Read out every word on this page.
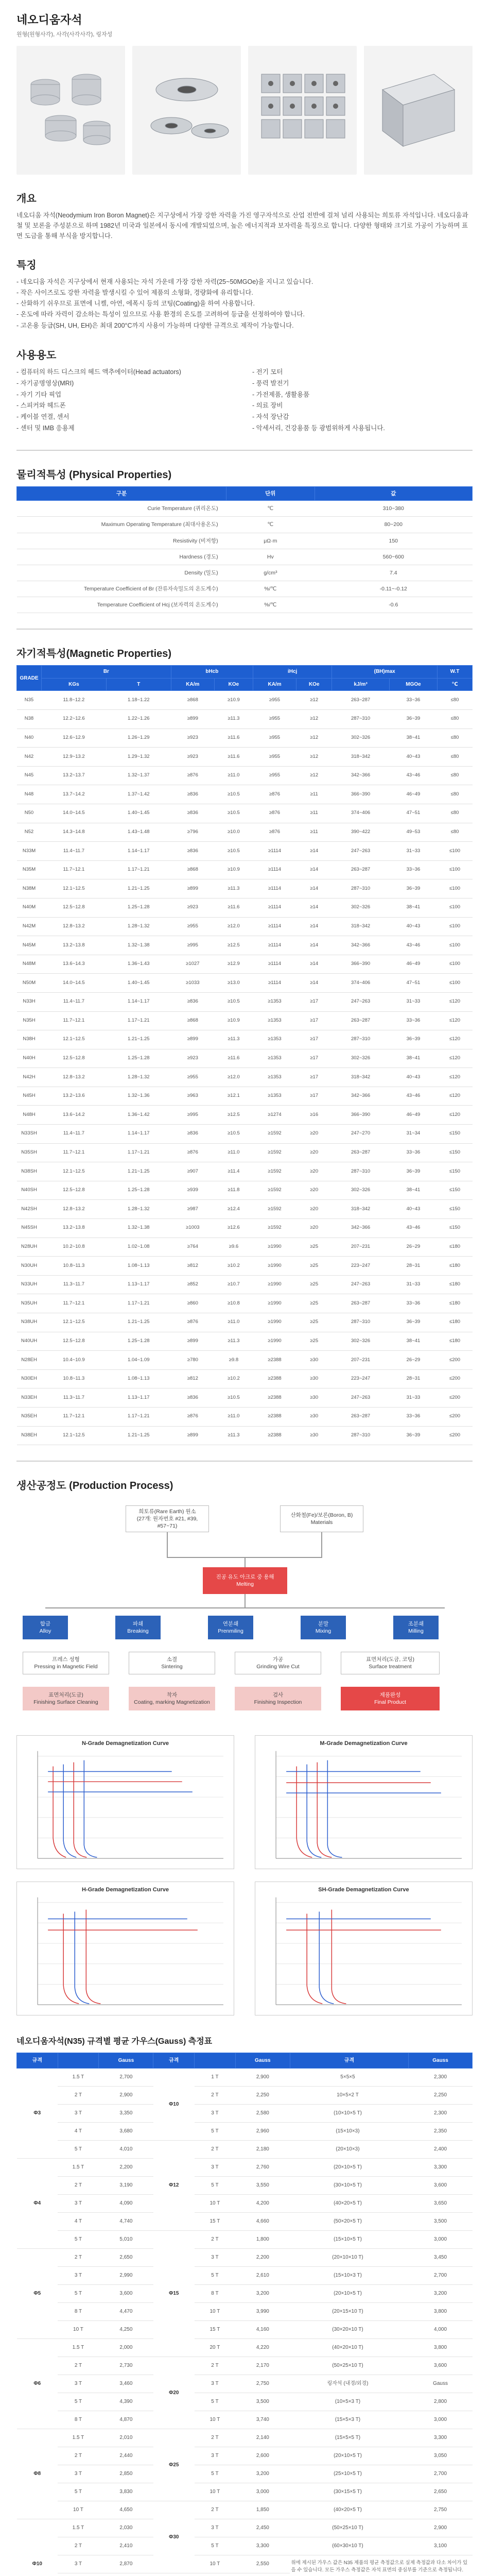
네오디움자석
원형(원형사각), 사각(사각사각), 링자성
개요

네오디움 자석(Neodymium Iron Boron Magnet)은 지구상에서 가장 강한 자력을 가진 영구자석으로 산업 전반에 걸쳐 널리 사용되는 희토류 자석입니다. 네오디움과 철 및 보론을 주성분으로 하며 1982년 미국과 일본에서 동시에 개발되었으며, 높은 에너지적과 보자력을 특징으로 합니다. 다양한 형태와 크기로 가공이 가능하며 표면 도금을 통해 부식을 방지합니다.

특징
- 네오디움 자석은 지구상에서 현재 사용되는 자석 가운데 가장 강한 자력(25~50MGOe)을 지니고 있습니다.
- 작은 사이즈로도 강한 자력을 발생시킬 수 있어 제품의 소형화, 경량화에 유리합니다.
- 산화하기 쉬우므로 표면에 니켈, 아연, 에폭시 등의 코팅(Coating)을 하여 사용합니다.
- 온도에 따라 자력이 감소하는 특성이 있으므로 사용 환경의 온도를 고려하여 등급을 선정하여야 합니다.
- 고온용 등급(SH, UH, EH)은 최대 200°C까지 사용이 가능하며 다양한 규격으로 제작이 가능합니다.
사용용도
- 컴퓨터의 하드 디스크의 헤드 액추에이터(Head actuators)	- 전기 모터
- 자기공명영상(MRI)	- 풍력 발전기
- 자기 기타 픽업	- 가전제품, 생활용품
- 스피커와 헤드폰	- 의료 장비
- 케이블 연결, 센서	- 자석 장난감
- 센터 및 IMB 응용제	- 악세서리, 건강용품 등 광범위하게 사용됩니다.
물리적특성 (Physical Properties)
구분	단위	값
Curie Temperature (퀴리온도)	℃	310~380
Maximum Operating Temperature (최대사용온도)	℃	80~200
Resistivity (비저항)	μΩ·m	150
Hardness (경도)	Hv	560~600
Density (밀도)	g/cm³	7.4
Temperature Coefficient of Br (잔류자속밀도의 온도계수)	%/℃	-0.11~-0.12
Temperature Coefficient of Hcj (보자력의 온도계수)	%/℃	-0.6
자기적특성(Magnetic Properties)
GRADE	Br		bHcb		iHcj		(BH)max		W.T
	KGs	T	KA/m	KOe	KA/m	KOe	kJ/m³	MGOe	℃
N35	11.8~12.2	1.18~1.22	≥868	≥10.9	≥955	≥12	263~287	33~36	≤80
N38	12.2~12.6	1.22~1.26	≥899	≥11.3	≥955	≥12	287~310	36~39	≤80
N40	12.6~12.9	1.26~1.29	≥923	≥11.6	≥955	≥12	302~326	38~41	≤80
N42	12.9~13.2	1.29~1.32	≥923	≥11.6	≥955	≥12	318~342	40~43	≤80
N45	13.2~13.7	1.32~1.37	≥876	≥11.0	≥955	≥12	342~366	43~46	≤80
N48	13.7~14.2	1.37~1.42	≥836	≥10.5	≥876	≥11	366~390	46~49	≤80
N50	14.0~14.5	1.40~1.45	≥836	≥10.5	≥876	≥11	374~406	47~51	≤80
N52	14.3~14.8	1.43~1.48	≥796	≥10.0	≥876	≥11	390~422	49~53	≤80
N33M	11.4~11.7	1.14~1.17	≥836	≥10.5	≥1114	≥14	247~263	31~33	≤100
N35M	11.7~12.1	1.17~1.21	≥868	≥10.9	≥1114	≥14	263~287	33~36	≤100
N38M	12.1~12.5	1.21~1.25	≥899	≥11.3	≥1114	≥14	287~310	36~39	≤100
N40M	12.5~12.8	1.25~1.28	≥923	≥11.6	≥1114	≥14	302~326	38~41	≤100
N42M	12.8~13.2	1.28~1.32	≥955	≥12.0	≥1114	≥14	318~342	40~43	≤100
N45M	13.2~13.8	1.32~1.38	≥995	≥12.5	≥1114	≥14	342~366	43~46	≤100
N48M	13.6~14.3	1.36~1.43	≥1027	≥12.9	≥1114	≥14	366~390	46~49	≤100
N50M	14.0~14.5	1.40~1.45	≥1033	≥13.0	≥1114	≥14	374~406	47~51	≤100
N33H	11.4~11.7	1.14~1.17	≥836	≥10.5	≥1353	≥17	247~263	31~33	≤120
N35H	11.7~12.1	1.17~1.21	≥868	≥10.9	≥1353	≥17	263~287	33~36	≤120
N38H	12.1~12.5	1.21~1.25	≥899	≥11.3	≥1353	≥17	287~310	36~39	≤120
N40H	12.5~12.8	1.25~1.28	≥923	≥11.6	≥1353	≥17	302~326	38~41	≤120
N42H	12.8~13.2	1.28~1.32	≥955	≥12.0	≥1353	≥17	318~342	40~43	≤120
N45H	13.2~13.6	1.32~1.36	≥963	≥12.1	≥1353	≥17	342~366	43~46	≤120
N48H	13.6~14.2	1.36~1.42	≥995	≥12.5	≥1274	≥16	366~390	46~49	≤120
N33SH	11.4~11.7	1.14~1.17	≥836	≥10.5	≥1592	≥20	247~270	31~34	≤150
N35SH	11.7~12.1	1.17~1.21	≥876	≥11.0	≥1592	≥20	263~287	33~36	≤150
N38SH	12.1~12.5	1.21~1.25	≥907	≥11.4	≥1592	≥20	287~310	36~39	≤150
N40SH	12.5~12.8	1.25~1.28	≥939	≥11.8	≥1592	≥20	302~326	38~41	≤150
N42SH	12.8~13.2	1.28~1.32	≥987	≥12.4	≥1592	≥20	318~342	40~43	≤150
N45SH	13.2~13.8	1.32~1.38	≥1003	≥12.6	≥1592	≥20	342~366	43~46	≤150
N28UH	10.2~10.8	1.02~1.08	≥764	≥9.6	≥1990	≥25	207~231	26~29	≤180
N30UH	10.8~11.3	1.08~1.13	≥812	≥10.2	≥1990	≥25	223~247	28~31	≤180
N33UH	11.3~11.7	1.13~1.17	≥852	≥10.7	≥1990	≥25	247~263	31~33	≤180
N35UH	11.7~12.1	1.17~1.21	≥860	≥10.8	≥1990	≥25	263~287	33~36	≤180
N38UH	12.1~12.5	1.21~1.25	≥876	≥11.0	≥1990	≥25	287~310	36~39	≤180
N40UH	12.5~12.8	1.25~1.28	≥899	≥11.3	≥1990	≥25	302~326	38~41	≤180
N28EH	10.4~10.9	1.04~1.09	≥780	≥9.8	≥2388	≥30	207~231	26~29	≤200
N30EH	10.8~11.3	1.08~1.13	≥812	≥10.2	≥2388	≥30	223~247	28~31	≤200
N33EH	11.3~11.7	1.13~1.17	≥836	≥10.5	≥2388	≥30	247~263	31~33	≤200
N35EH	11.7~12.1	1.17~1.21	≥876	≥11.0	≥2388	≥30	263~287	33~36	≤200
N38EH	12.1~12.5	1.21~1.25	≥899	≥11.3	≥2388	≥30	287~310	36~39	≤200
생산공정도 (Production Process)
희토류(Rare Earth) 원소
(27개: 원자번호 #21, #39, #57~71)
산화철(Fe)/보론(Boron, B)
Materials
진공 유도 아크로 중 용해
Melting
합금
Alloy
파쇄
Breaking
연분쇄
Prenmiling
분말
Mixing
조분쇄
Milling
프레스 성형
Pressing in Magnetic Field
소결
Sintering
가공
Grinding Wire Cut
표면처리(도금, 코팅)
Surface treatment
표면처리(도금)
Finishing Surface Cleaning
착자
Coating, marking Magnetization
검사
Finishing Inspection
제품완성
Final Product
N-Grade Demagnetization Curve	M-Grade Demagnetization Curve
H-Grade Demagnetization Curve	SH-Grade Demagnetization Curve
네오디움자석(N35) 규격별 평균 가우스(Gauss) 측정표
규격		Gauss	규격		Gauss	규격	Gauss
Φ3	1.5 T	2,700	Φ10	1 T	2,900	5×5×5	2,300
	2 T	2,900		2 T	2,250	10×5×2 T	2,250
	3 T	3,350		3 T	2,580	(10×10×5 T)	2,300
	4 T	3,680		5 T	2,960	(15×10×3)	2,350
	5 T	4,010	Φ12	2 T	2,180	(20×10×3)	2,400
Φ4	1.5 T	2,200		3 T	2,760	(20×10×5 T)	3,300
	2 T	3,190		5 T	3,550	(30×10×5 T)	3,600
	3 T	4,090		10 T	4,200	(40×20×5 T)	3,650
	4 T	4,740		15 T	4,660	(50×20×5 T)	3,500
	5 T	5,010	Φ15	2 T	1,800	(15×10×5 T)	3,000
Φ5	2 T	2,650		3 T	2,200	(20×10×10 T)	3,450
	3 T	2,990		5 T	2,610	(15×10×3 T)	2,700
	5 T	3,600		8 T	3,200	(20×10×5 T)	3,200
	8 T	4,470		10 T	3,990	(20×15×10 T)	3,800
	10 T	4,250		15 T	4,160	(30×20×10 T)	4,000
Φ6	1.5 T	2,000		20 T	4,220	(40×20×10 T)	3,800
	2 T	2,730	Φ20	2 T	2,170	(50×25×10 T)	3,600
	3 T	3,460		3 T	2,750	링자석 (내경/외경)	Gauss
	5 T	4,390		5 T	3,500	(10×5×3 T)	2,800
	8 T	4,870		10 T	3,740	(15×5×3 T)	3,000
Φ8	1.5 T	2,010	Φ25	2 T	2,140	(15×5×5 T)	3,300
	2 T	2,440		3 T	2,600	(20×10×5 T)	3,050
	3 T	2,850		5 T	3,200	(25×10×5 T)	2,700
	5 T	3,830		10 T	3,000	(30×15×5 T)	2,650
	10 T	4,650	Φ30	2 T	1,850	(40×20×5 T)	2,750
Φ10	1.5 T	2,030		3 T	2,450	(50×25×10 T)	2,900
	2 T	2,410		5 T	3,300	(60×30×10 T)	3,100
	3 T	2,870		10 T	2,550	위에 제시된 가우스 값은 N35 제품의 평균 측정값으로 실제 측정값과 다소 차이가 있을 수 있습니다. 모든 가우스 측정값은 자석 표면의 중심부를 기준으로 측정됩니다.	
